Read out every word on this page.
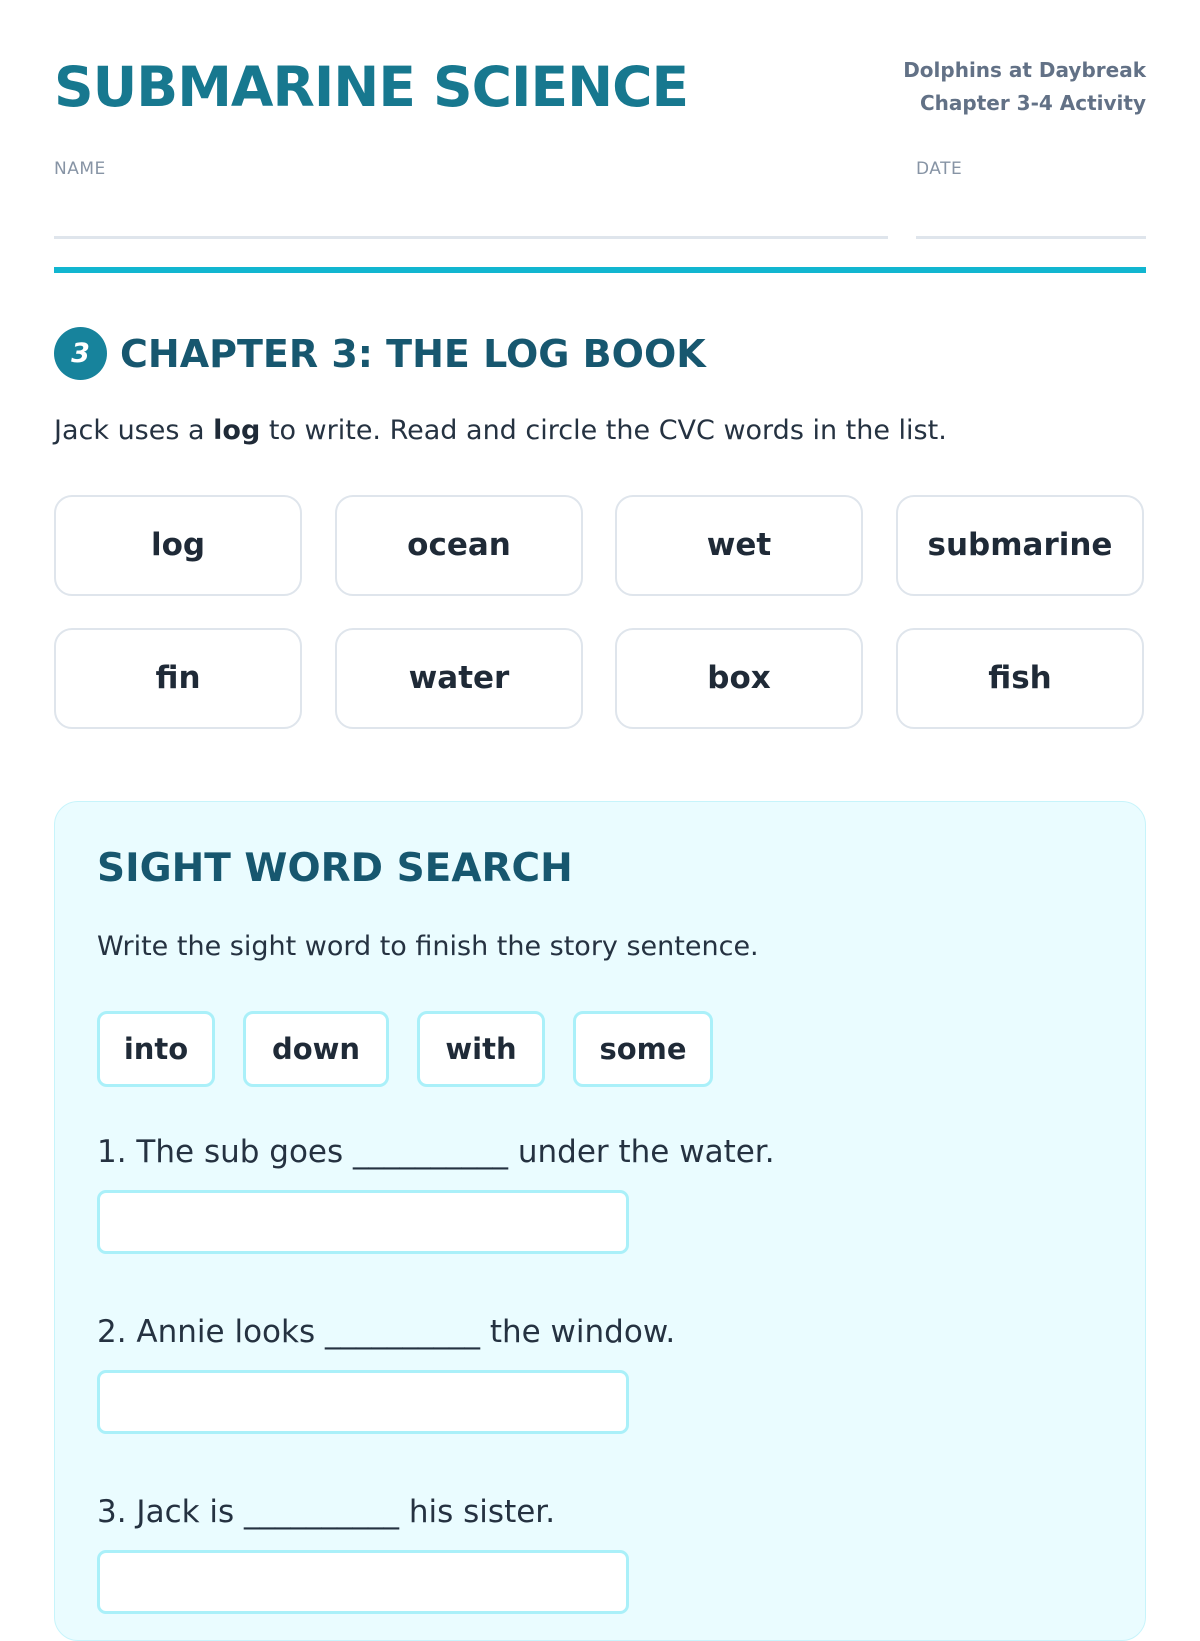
SUBMARINE SCIENCE	Dolphins at Daybreak
Chapter 3-4 Activity
NAME	DATE
3 CHAPTER 3: THE LOG BOOK
Jack uses a log to write. Read and circle the CVC words in the list.
log	ocean	wet	submarine
fin	water	box	fish
SIGHT WORD SEARCH
Write the sight word to finish the story sentence.
into	down	with	some
1. The sub goes __________ under the water.
2. Annie looks __________ the window.
3. Jack is __________ his sister.
